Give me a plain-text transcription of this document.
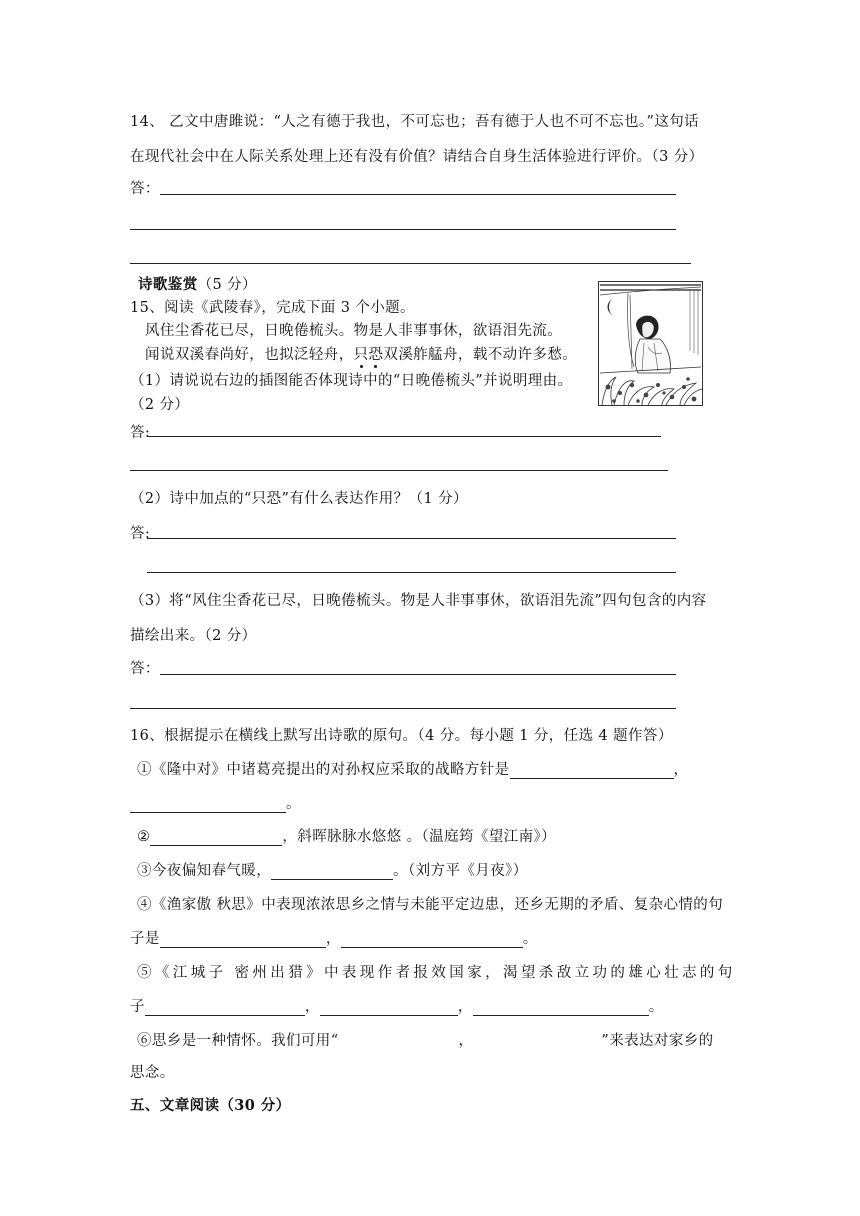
14、 乙文中唐雎说：“人之有德于我也，不可忘也；吾有德于人也不可不忘也。”这句话
在现代社会中在人际关系处理上还有没有价值？请结合自身生活体验进行评价。（3 分）
答：
诗歌鉴赏（5 分）
15、阅读《武陵春》，完成下面 3 个小题。
风住尘香花已尽，日晚倦梳头。物是人非事事休，欲语泪先流。
闻说双溪春尚好，也拟泛轻舟，只恐双溪舴艋舟，载不动许多愁。
（1）请说说右边的插图能否体现诗中的“日晚倦梳头”并说明理由。
（2 分）
答:
（2）诗中加点的“只恐”有什么表达作用？（1 分）
答:
（3）将“风住尘香花已尽，日晚倦梳头。物是人非事事休，欲语泪先流”四句包含的内容
描绘出来。（2 分）
答：
16、根据提示在横线上默写出诗歌的原句。（4 分。每小题 1 分，任选 4 题作答）
①《隆中对》中诸葛亮提出的对孙权应采取的战略方针是	，
。
②	，斜晖脉脉水悠悠 。（温庭筠《望江南》）
③今夜偏知春气暖，	。（刘方平《月夜》）
④《渔家傲 秋思》中表现浓浓思乡之情与未能平定边患，还乡无期的矛盾、复杂心情的句
子是	，	。
⑤《江城子 密州出猎》中表现作者报效国家，渴望杀敌立功的雄心壮志的句
子	，	，	。
⑥思乡是一种情怀。我们可用“	，	”来表达对家乡的
思念。
五、文章阅读（30 分）
